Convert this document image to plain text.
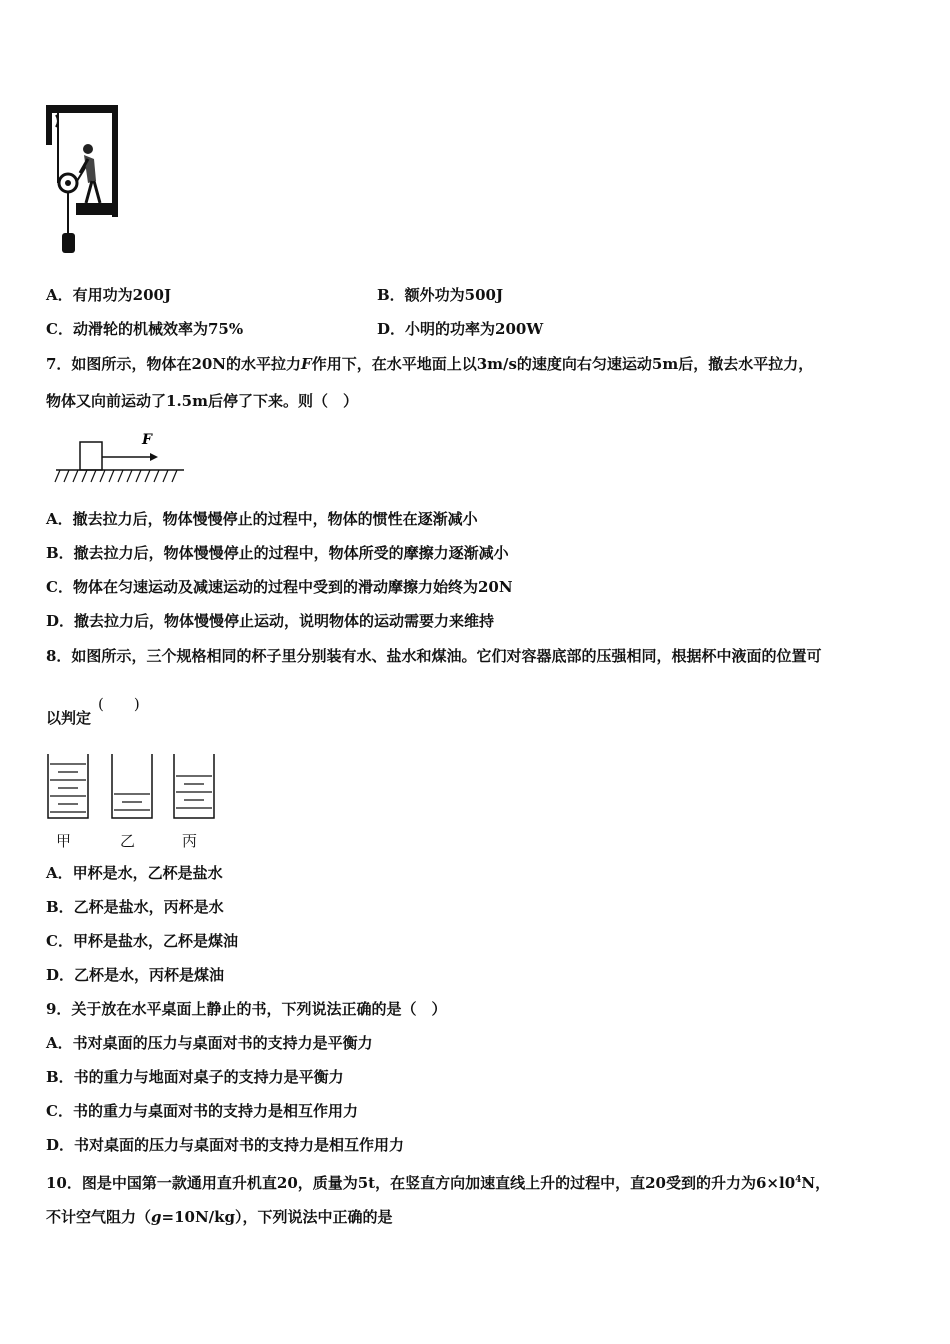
A．有用功为200J	B．额外功为500J
C．动滑轮的机械效率为75%	D．小明的功率为200W
7．如图所示，物体在20N的水平拉力F作用下，在水平地面上以3m/s的速度向右匀速运动5m后，撤去水平拉力，
物体又向前运动了1.5m后停了下来。则（　）
F
A．撤去拉力后，物体慢慢停止的过程中，物体的惯性在逐渐减小
B．撤去拉力后，物体慢慢停止的过程中，物体所受的摩擦力逐渐减小
C．物体在匀速运动及减速运动的过程中受到的滑动摩擦力始终为20N
D．撤去拉力后，物体慢慢停止运动，说明物体的运动需要力来维持
8．如图所示，三个规格相同的杯子里分别装有水、盐水和煤油。它们对容器底部的压强相同，根据杯中液面的位置可
以判定
(　　)
甲	乙	丙
A．甲杯是水，乙杯是盐水
B．乙杯是盐水，丙杯是水
C．甲杯是盐水，乙杯是煤油
D．乙杯是水，丙杯是煤油
9．关于放在水平桌面上静止的书，下列说法正确的是（　）
A．书对桌面的压力与桌面对书的支持力是平衡力
B．书的重力与地面对桌子的支持力是平衡力
C．书的重力与桌面对书的支持力是相互作用力
D．书对桌面的压力与桌面对书的支持力是相互作用力
10．图是中国第一款通用直升机直20，质量为5t，在竖直方向加速直线上升的过程中，直20受到的升力为$6\times l0^4N$，
不计空气阻力（g=10N/kg），下列说法中正确的是
